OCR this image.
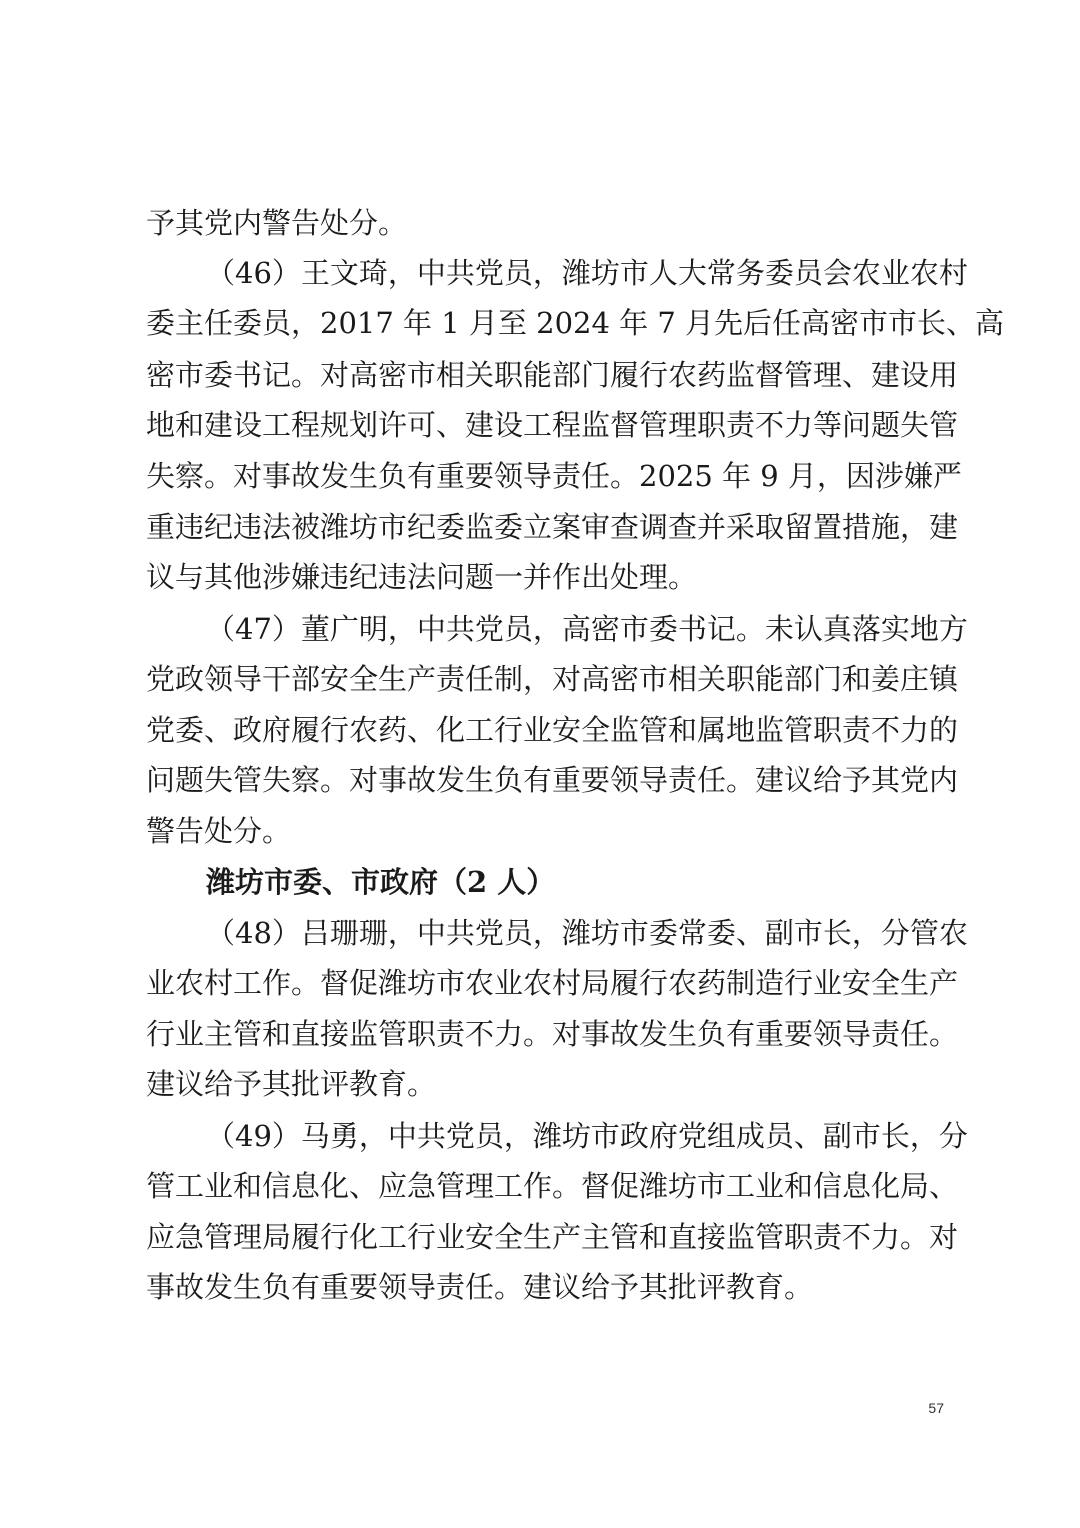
予其党内警告处分。
（46）王文琦，中共党员，潍坊市人大常务委员会农业农村
委主任委员，2017 年 1 月至 2024 年 7 月先后任高密市市长、高
密市委书记。对高密市相关职能部门履行农药监督管理、建设用
地和建设工程规划许可、建设工程监督管理职责不力等问题失管
失察。对事故发生负有重要领导责任。2025 年 9 月，因涉嫌严
重违纪违法被潍坊市纪委监委立案审查调查并采取留置措施，建
议与其他涉嫌违纪违法问题一并作出处理。
（47）董广明，中共党员，高密市委书记。未认真落实地方
党政领导干部安全生产责任制，对高密市相关职能部门和姜庄镇
党委、政府履行农药、化工行业安全监管和属地监管职责不力的
问题失管失察。对事故发生负有重要领导责任。建议给予其党内
警告处分。
潍坊市委、市政府（2 人）
（48）吕珊珊，中共党员，潍坊市委常委、副市长，分管农
业农村工作。督促潍坊市农业农村局履行农药制造行业安全生产
行业主管和直接监管职责不力。对事故发生负有重要领导责任。
建议给予其批评教育。
（49）马勇，中共党员，潍坊市政府党组成员、副市长，分
管工业和信息化、应急管理工作。督促潍坊市工业和信息化局、
应急管理局履行化工行业安全生产主管和直接监管职责不力。对
事故发生负有重要领导责任。建议给予其批评教育。
57
